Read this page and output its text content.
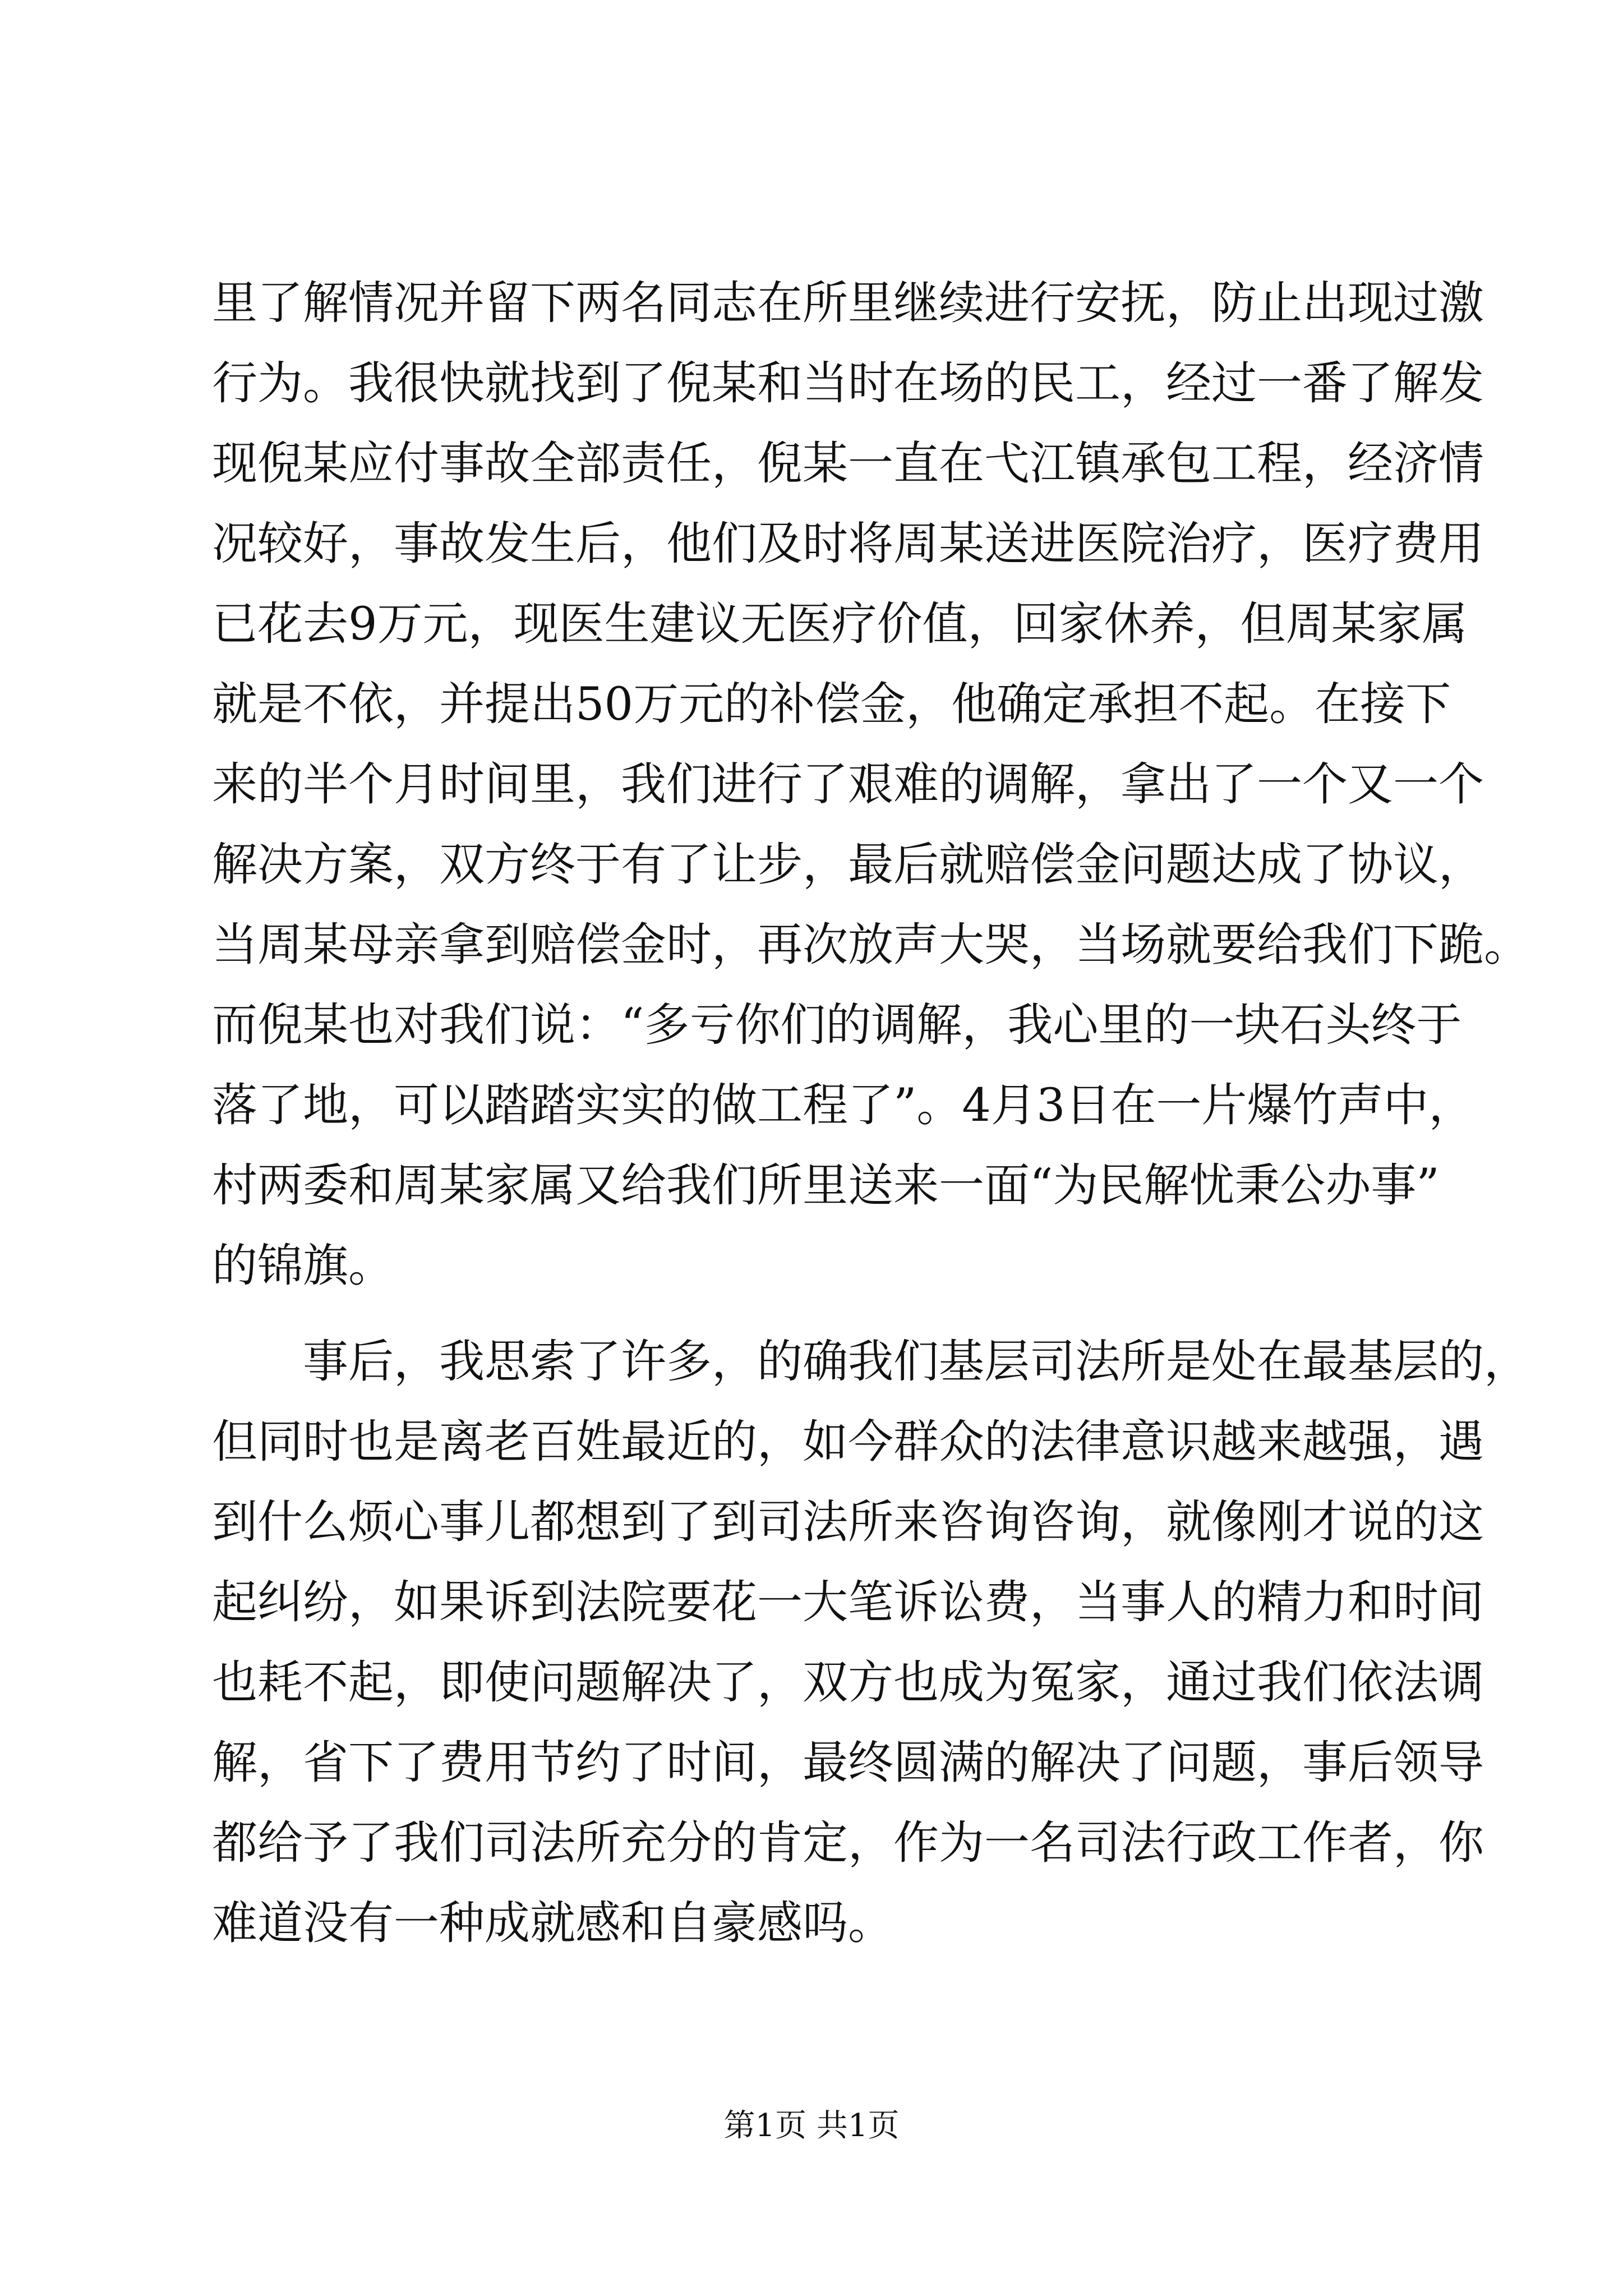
里了解情况并留下两名同志在所里继续进行安抚，防止出现过激
行为。我很快就找到了倪某和当时在场的民工，经过一番了解发
现倪某应付事故全部责任，倪某一直在弋江镇承包工程，经济情
况较好，事故发生后，他们及时将周某送进医院治疗，医疗费用
已花去9万元，现医生建议无医疗价值，回家休养，但周某家属
就是不依，并提出50万元的补偿金，他确定承担不起。在接下
来的半个月时间里，我们进行了艰难的调解，拿出了一个又一个
解决方案，双方终于有了让步，最后就赔偿金问题达成了协议，
当周某母亲拿到赔偿金时，再次放声大哭，当场就要给我们下跪。
而倪某也对我们说：“多亏你们的调解，我心里的一块石头终于
落了地，可以踏踏实实的做工程了”。4月3日在一片爆竹声中，
村两委和周某家属又给我们所里送来一面“为民解忧秉公办事”
的锦旗。
　　事后，我思索了许多，的确我们基层司法所是处在最基层的，
但同时也是离老百姓最近的，如今群众的法律意识越来越强，遇
到什么烦心事儿都想到了到司法所来咨询咨询，就像刚才说的这
起纠纷，如果诉到法院要花一大笔诉讼费，当事人的精力和时间
也耗不起，即使问题解决了，双方也成为冤家，通过我们依法调
解，省下了费用节约了时间，最终圆满的解决了问题，事后领导
都给予了我们司法所充分的肯定，作为一名司法行政工作者，你
难道没有一种成就感和自豪感吗。
第1页 共1页
